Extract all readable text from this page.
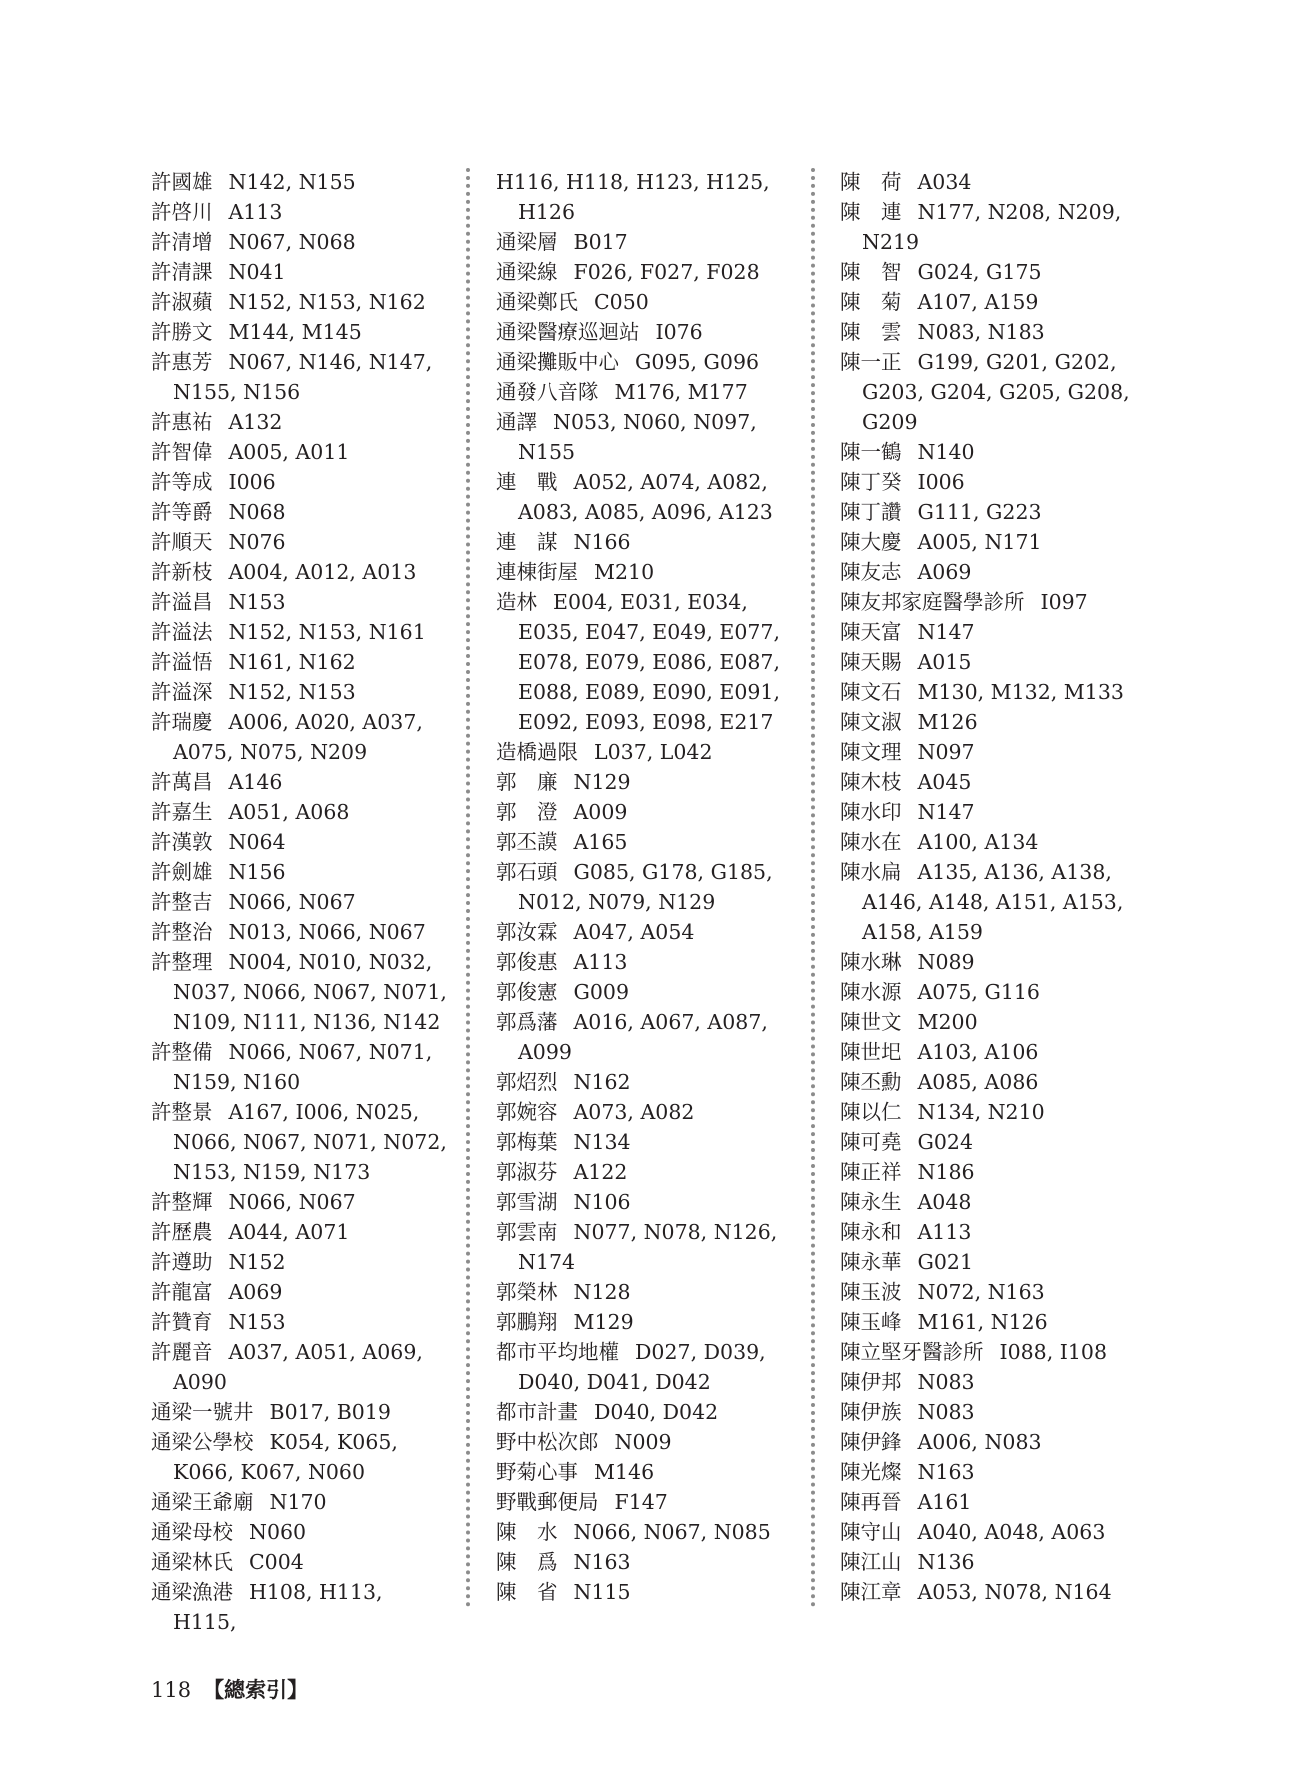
許國雄 N142, N155
許啓川 A113
許清增 N067, N068
許清課 N041
許淑蘋 N152, N153, N162
許勝文 M144, M145
許惠芳 N067, N146, N147, N155, N156
許惠祐 A132
許智偉 A005, A011
許等成 I006
許等爵 N068
許順天 N076
許新枝 A004, A012, A013
許溢昌 N153
許溢法 N152, N153, N161
許溢悟 N161, N162
許溢深 N152, N153
許瑞慶 A006, A020, A037, A075, N075, N209
許萬昌 A146
許嘉生 A051, A068
許漢敦 N064
許劍雄 N156
許整吉 N066, N067
許整治 N013, N066, N067
許整理 N004, N010, N032, N037, N066, N067, N071, N109, N111, N136, N142
許整備 N066, N067, N071, N159, N160
許整景 A167, I006, N025, N066, N067, N071, N072, N153, N159, N173
許整輝 N066, N067
許歷農 A044, A071
許遵助 N152
許龍富 A069
許贊育 N153
許麗音 A037, A051, A069, A090
通梁一號井 B017, B019
通梁公學校 K054, K065, K066, K067, N060
通梁王爺廟 N170
通梁母校 N060
通梁林氏 C004
通梁漁港 H108, H113, H115,
H116, H118, H123, H125, H126
通梁層 B017
通梁線 F026, F027, F028
通梁鄭氏 C050
通梁醫療巡迴站 I076
通梁攤販中心 G095, G096
通發八音隊 M176, M177
通譯 N053, N060, N097, N155
連　戰 A052, A074, A082, A083, A085, A096, A123
連　謀 N166
連棟街屋 M210
造林 E004, E031, E034, E035, E047, E049, E077, E078, E079, E086, E087, E088, E089, E090, E091, E092, E093, E098, E217
造橋過限 L037, L042
郭　廉 N129
郭　澄 A009
郭丕謨 A165
郭石頭 G085, G178, G185, N012, N079, N129
郭汝霖 A047, A054
郭俊惠 A113
郭俊憲 G009
郭爲藩 A016, A067, A087, A099
郭炤烈 N162
郭婉容 A073, A082
郭梅葉 N134
郭淑芬 A122
郭雪湖 N106
郭雲南 N077, N078, N126, N174
郭榮林 N128
郭鵬翔 M129
都市平均地權 D027, D039, D040, D041, D042
都市計畫 D040, D042
野中松次郎 N009
野菊心事 M146
野戰郵便局 F147
陳　水 N066, N067, N085
陳　爲 N163
陳　省 N115
陳　荷 A034
陳　連 N177, N208, N209, N219
陳　智 G024, G175
陳　菊 A107, A159
陳　雲 N083, N183
陳一正 G199, G201, G202, G203, G204, G205, G208, G209
陳一鶴 N140
陳丁癸 I006
陳丁讚 G111, G223
陳大慶 A005, N171
陳友志 A069
陳友邦家庭醫學診所 I097
陳天富 N147
陳天賜 A015
陳文石 M130, M132, M133
陳文淑 M126
陳文理 N097
陳木枝 A045
陳水印 N147
陳水在 A100, A134
陳水扁 A135, A136, A138, A146, A148, A151, A153, A158, A159
陳水琳 N089
陳水源 A075, G116
陳世文 M200
陳世圯 A103, A106
陳丕勳 A085, A086
陳以仁 N134, N210
陳可堯 G024
陳正祥 N186
陳永生 A048
陳永和 A113
陳永華 G021
陳玉波 N072, N163
陳玉峰 M161, N126
陳立堅牙醫診所 I088, I108
陳伊邦 N083
陳伊族 N083
陳伊鋒 A006, N083
陳光燦 N163
陳再晉 A161
陳守山 A040, A048, A063
陳江山 N136
陳江章 A053, N078, N164
118 【總索引】
